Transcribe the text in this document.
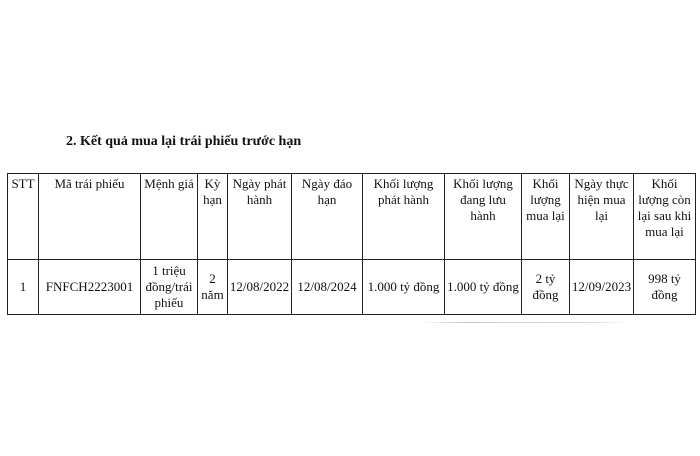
2. Kết quả mua lại trái phiếu trước hạn
STT	Mã trái phiếu	Mệnh giá	Kỳ hạn	Ngày phát hành	Ngày đáo hạn	Khối lượng phát hành	Khối lượng đang lưu hành	Khối lượng mua lại	Ngày thực hiện mua lại	Khối lượng còn lại sau khi mua lại
1	FNFCH2223001	1 triệu đồng/trái phiếu	2 năm	12/08/2022	12/08/2024	1.000 tỷ đồng	1.000 tỷ đồng	2 tỷ đồng	12/09/2023	998 tỷ đồng
